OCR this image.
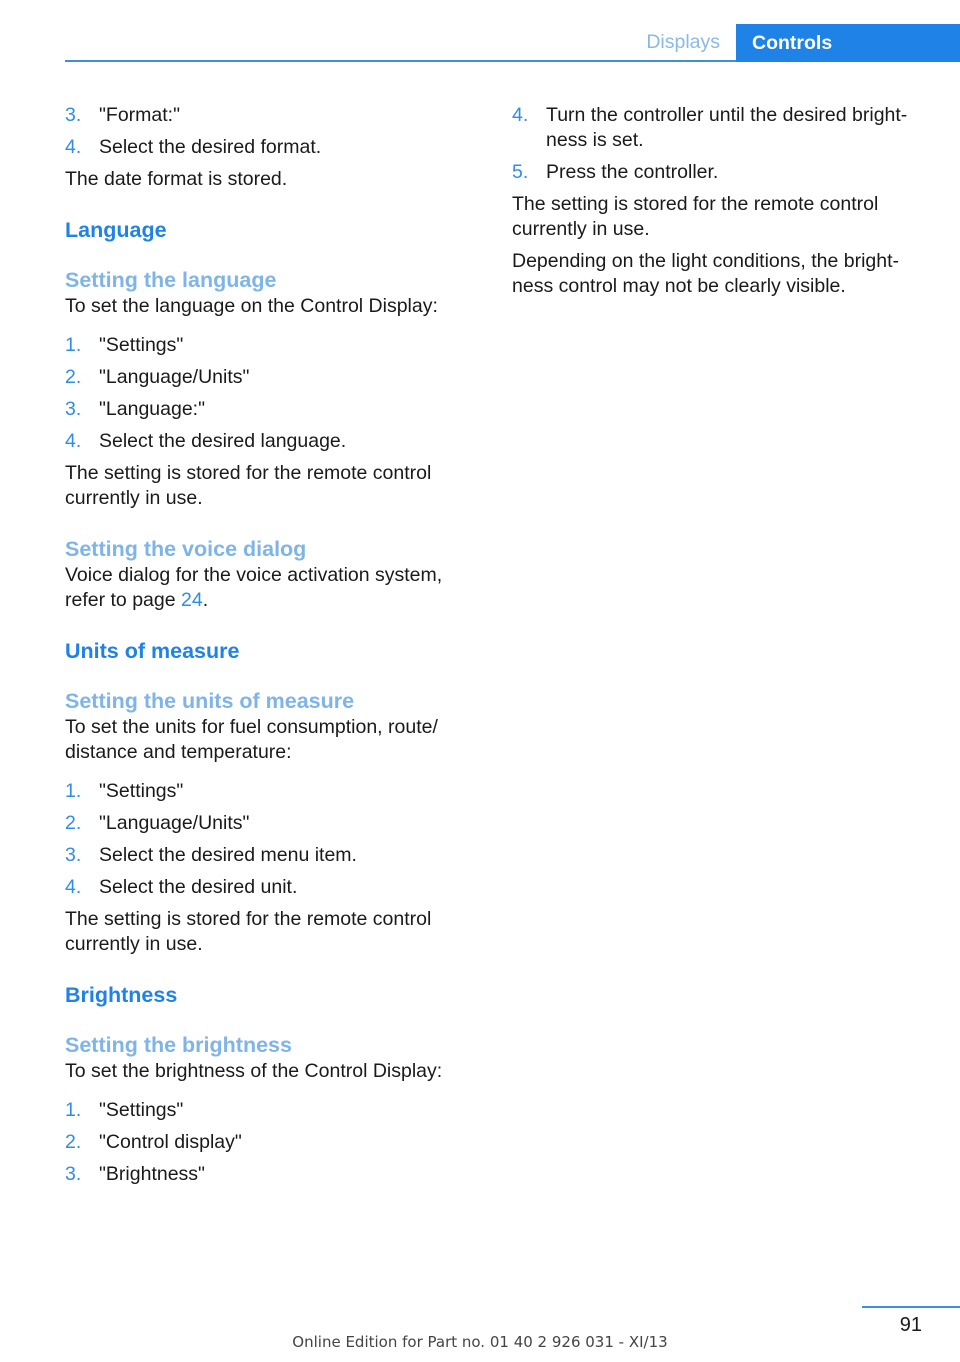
Displays	Controls
3. "Format:"
4. Select the desired format.

The date format is stored.

Language
Setting the language

To set the language on the Control Display:

1. "Settings"
2. "Language/Units"
3. "Language:"
4. Select the desired language.

The setting is stored for the remote control currently in use.

Setting the voice dialog

Voice dialog for the voice activation system, refer to page 24.

Units of measure
Setting the units of measure

To set the units for fuel consumption, route/ distance and temperature:

1. "Settings"
2. "Language/Units"
3. Select the desired menu item.
4. Select the desired unit.

The setting is stored for the remote control currently in use.

Brightness
Setting the brightness

To set the brightness of the Control Display:

1. "Settings"
2. "Control display"
3. "Brightness"
4. Turn the controller until the desired bright‐ ness is set.
5. Press the controller.

The setting is stored for the remote control currently in use.

Depending on the light conditions, the bright‐ ness control may not be clearly visible.

91
Online Edition for Part no. 01 40 2 926 031 - XI/13
